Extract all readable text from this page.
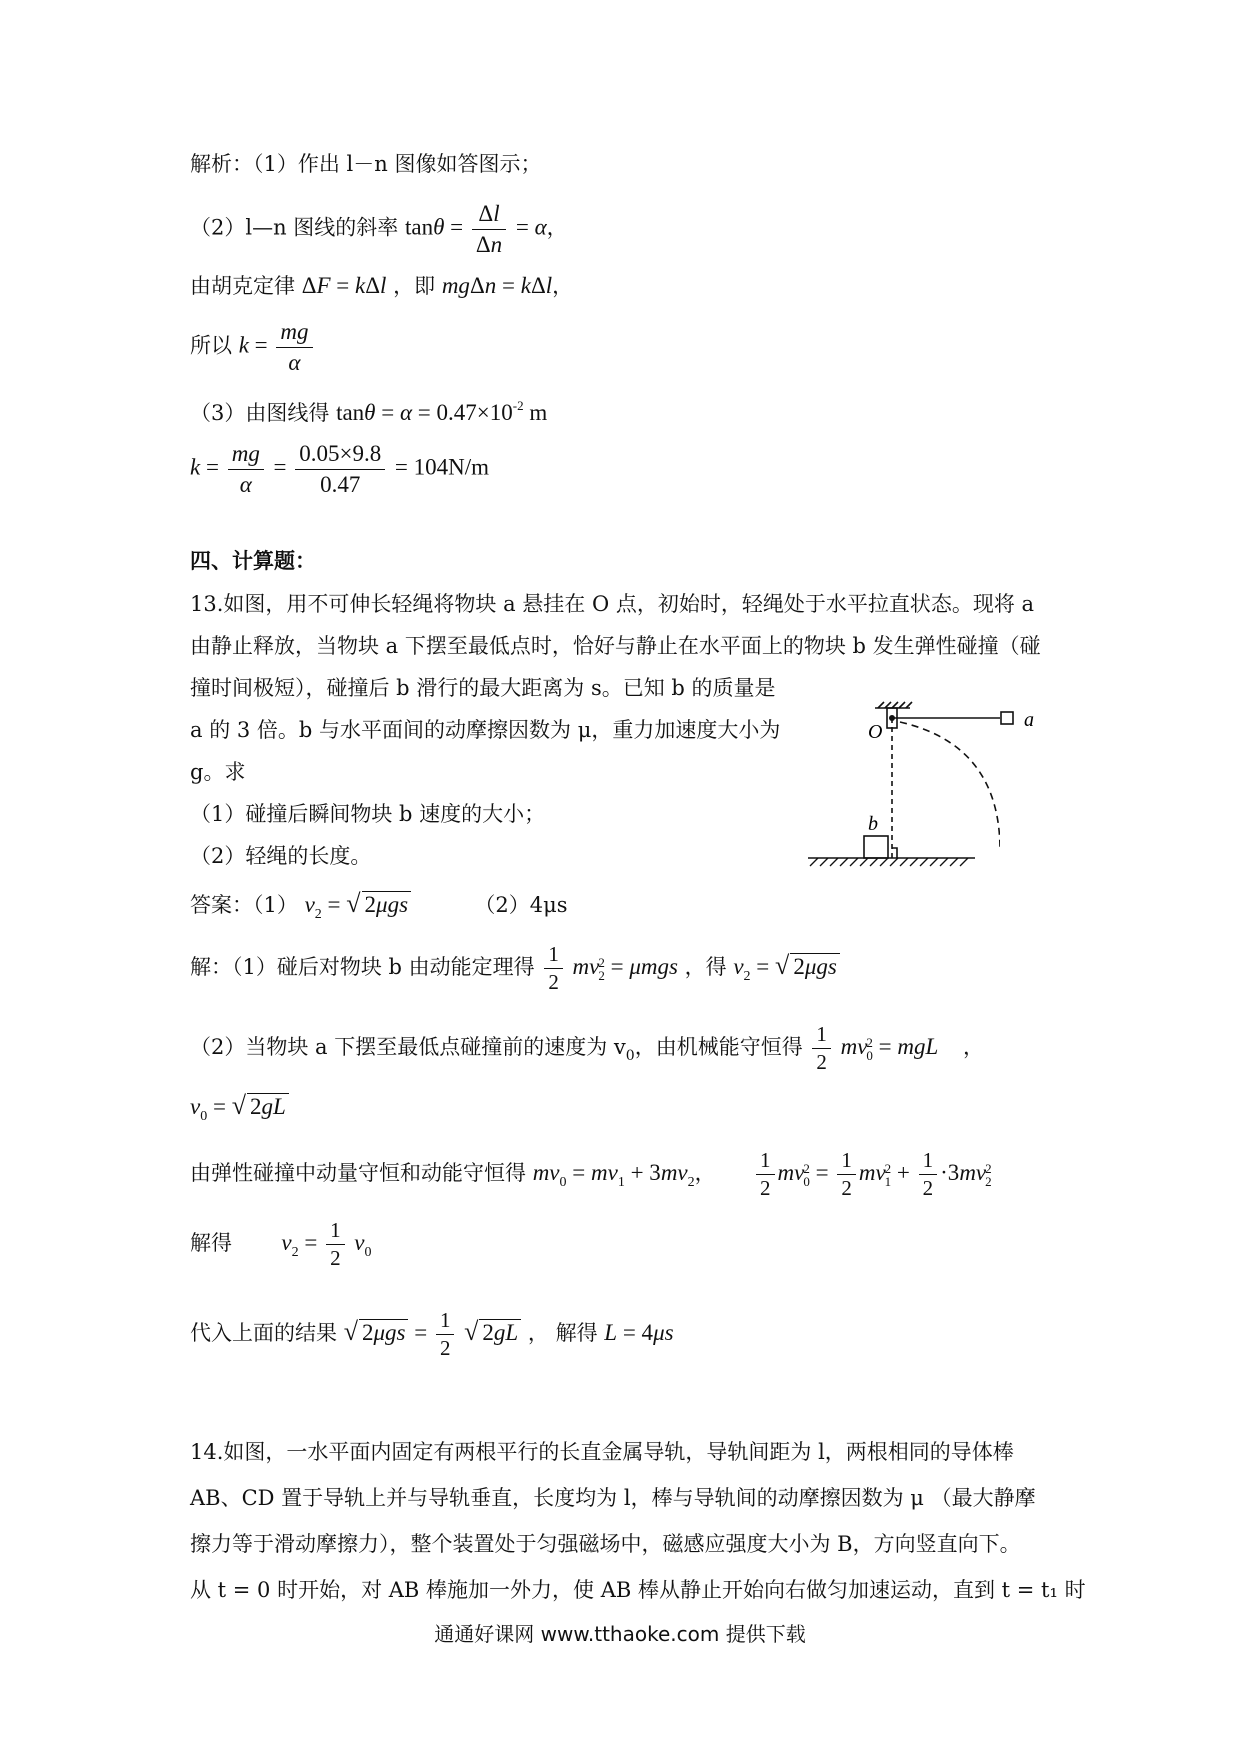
解析：（1）作出 l－n 图像如答图示；
（2）l—n 图线的斜率 $\tan\theta = \frac{\Delta l}{\Delta n} = \alpha$，
由胡克定律 ΔF = kΔl ，即 mgΔn = kΔl，
所以 $k = \frac{mg}{\alpha}$
（3）由图线得 $\tan\theta = \alpha = 0.47\times 10^{-2}$ m
$k = \frac{mg}{\alpha} = \frac{0.05\times 9.8}{0.47} = 104N/m$
四、计算题：
13.如图，用不可伸长轻绳将物块 a 悬挂在 O 点，初始时，轻绳处于水平拉直状态。现将 a
由静止释放，当物块 a 下摆至最低点时，恰好与静止在水平面上的物块 b 发生弹性碰撞（碰
撞时间极短），碰撞后 b 滑行的最大距离为 s。已知 b 的质量是
a 的 3 倍。b 与水平面间的动摩擦因数为 μ，重力加速度大小为
g。求
（1）碰撞后瞬间物块 b 速度的大小；
（2）轻绳的长度。
O
b
a
答案：（1） $v_2$ = √ 2μgs	（2）4μs
解：（1）碰后对物块 b 由动能定理得 $\frac{1}{2}$ mv 2
2 = μmgs ，得 $v_2$ = √ 2μgs
（2）当物块 a 下摆至最低点碰撞前的速度为 $v_0$，由机械能守恒得 $\frac{1}{2}$ mv 2
0 = mgL ，
$v_0$ = √ 2gL
由弹性碰撞中动量守恒和动能守恒得 $mv_0 = mv_1 + 3mv_2$， $\frac{1}{2}$ mv 2
$0 = \frac{1}{2}$ mv 2
$1 + \frac{1}{2} \cdot 3mv$ 2
2
解得 $v_2 = \frac{1}{2} v_0$
代入上面的结果 √ $2\mu gs = \frac{1}{2}$ √ 2gL ， 解得 L = 4μs
14.如图，一水平面内固定有两根平行的长直金属导轨，导轨间距为 l，两根相同的导体棒
AB、CD 置于导轨上并与导轨垂直，长度均为 l，棒与导轨间的动摩擦因数为 μ （最大静摩
擦力等于滑动摩擦力），整个装置处于匀强磁场中，磁感应强度大小为 B，方向竖直向下。
从 t = 0 时开始，对 AB 棒施加一外力，使 AB 棒从静止开始向右做匀加速运动，直到 t = t₁ 时
通通好课网 www.tthaoke.com 提供下载
